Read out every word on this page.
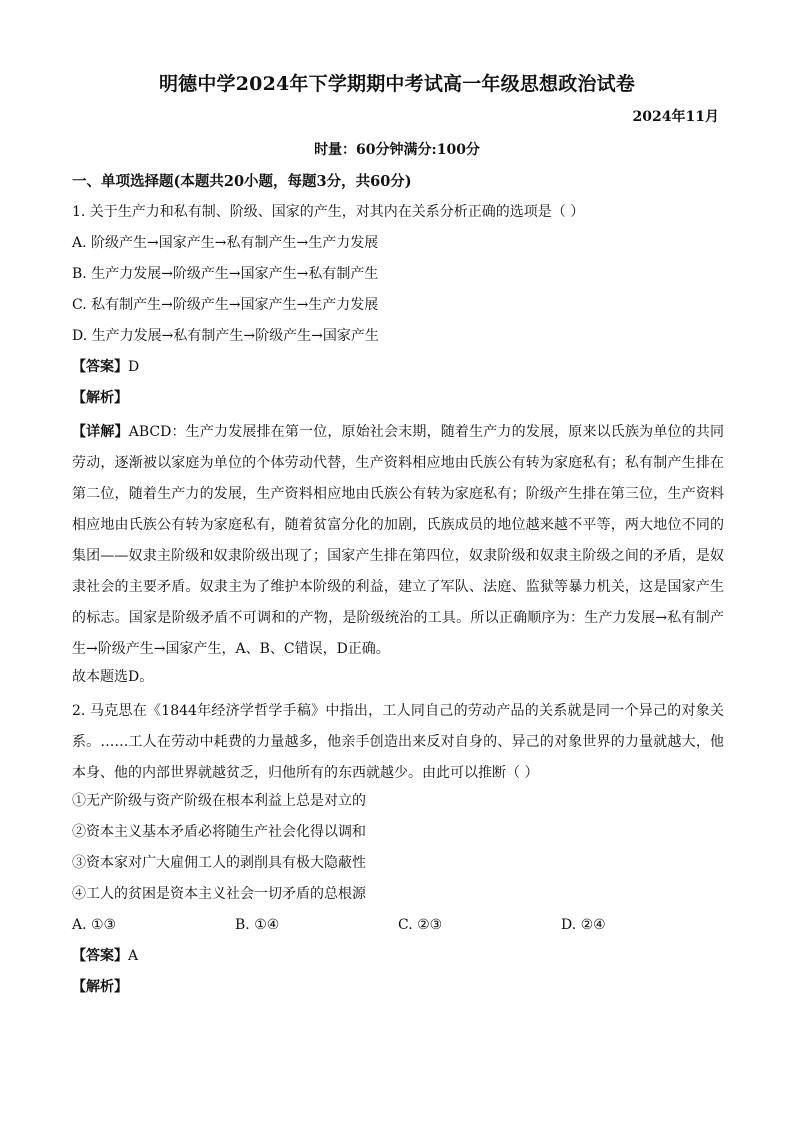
明德中学2024年下学期期中考试高一年级思想政治试卷
2024年11月
时量：60分钟满分:100分
一、单项选择题(本题共20小题，每题3分，共60分)
1. 关于生产力和私有制、阶级、国家的产生，对其内在关系分析正确的选项是（ ）
A. 阶级产生→国家产生→私有制产生→生产力发展
B. 生产力发展→阶级产生→国家产生→私有制产生
C. 私有制产生→阶级产生→国家产生→生产力发展
D. 生产力发展→私有制产生→阶级产生→国家产生
【答案】D
【解析】

【详解】ABCD：生产力发展排在第一位，原始社会末期，随着生产力的发展，原来以氏族为单位的共同劳动，逐渐被以家庭为单位的个体劳动代替，生产资料相应地由氏族公有转为家庭私有；私有制产生排在第二位，随着生产力的发展，生产资料相应地由氏族公有转为家庭私有；阶级产生排在第三位，生产资料相应地由氏族公有转为家庭私有，随着贫富分化的加剧，氏族成员的地位越来越不平等，两大地位不同的集团——奴隶主阶级和奴隶阶级出现了；国家产生排在第四位，奴隶阶级和奴隶主阶级之间的矛盾，是奴隶社会的主要矛盾。奴隶主为了维护本阶级的利益，建立了军队、法庭、监狱等暴力机关，这是国家产生的标志。国家是阶级矛盾不可调和的产物，是阶级统治的工具。所以正确顺序为：生产力发展→私有制产生→阶级产生→国家产生，A、B、C错误，D正确。

故本题选D。

2. 马克思在《1844年经济学哲学手稿》中指出，工人同自己的劳动产品的关系就是同一个异己的对象关系。……工人在劳动中耗费的力量越多，他亲手创造出来反对自身的、异己的对象世界的力量就越大，他本身、他的内部世界就越贫乏，归他所有的东西就越少。由此可以推断（ ）

①无产阶级与资产阶级在根本利益上总是对立的
②资本主义基本矛盾必将随生产社会化得以调和
③资本家对广大雇佣工人的剥削具有极大隐蔽性
④工人的贫困是资本主义社会一切矛盾的总根源
A. ①③	B. ①④	C. ②③	D. ②④
【答案】A
【解析】
